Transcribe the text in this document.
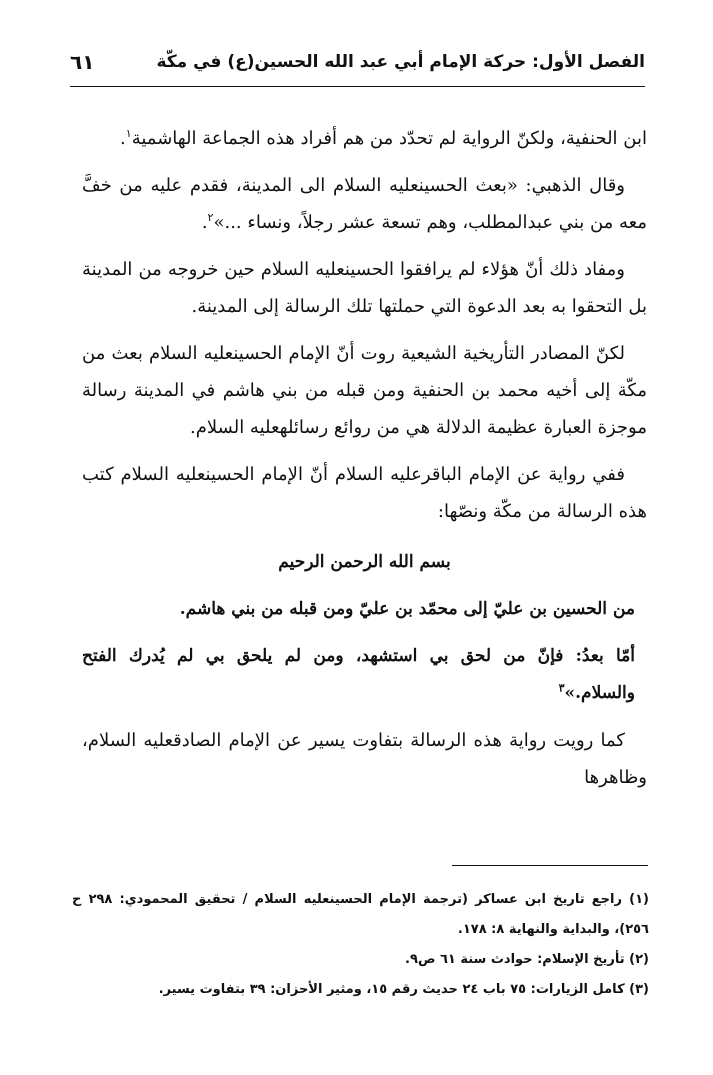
الفصل الأول: حركة الإمام أبي عبد الله الحسين(ع) في مكّة
٦١

ابن الحنفية، ولكنّ الرواية لم تحدّد من هم أفراد هذه الجماعة الهاشمية$^١$.

وقال الذهبي: «بعث الحسينعليه السلام الى المدينة، فقدم عليه من خفَّ معه من بني عبدالمطلب، وهم تسعة عشر رجلاً، ونساء ...»$^٢$.

ومفاد ذلك أنّ هؤلاء لم يرافقوا الحسينعليه السلام حين خروجه من المدينة بل التحقوا به بعد الدعوة التي حملتها تلك الرسالة إلى المدينة.

لكنّ المصادر التأريخية الشيعية روت أنّ الإمام الحسينعليه السلام بعث من مكّة إلى أخيه محمد بن الحنفية ومن قبله من بني هاشم في المدينة رسالة موجزة العبارة عظيمة الدلالة هي من روائع رسائلهعليه السلام.

ففي رواية عن الإمام الباقرعليه السلام أنّ الإمام الحسينعليه السلام كتب هذه الرسالة من مكّة ونصّها:

بسم الله الرحمن الرحيم

من الحسين بن عليّ إلى محمّد بن عليّ ومن قبله من بني هاشم.

أمّا بعدُ: فإنّ من لحق بي استشهد، ومن لم يلحق بي لم يُدرك الفتح والسلام.»$^٣$

كما رويت رواية هذه الرسالة بتفاوت يسير عن الإمام الصادقعليه السلام، وظاهرها

(١) راجع تاريخ ابن عساكر (ترجمة الإمام الحسينعليه السلام / تحقيق المحمودي: ٢٩٨ ح ٢٥٦)، والبداية والنهاية ٨: ١٧٨.

(٢) تأريخ الإسلام: حوادث سنة ٦١ ص٩.

(٣) كامل الزيارات: ٧٥ باب ٢٤ حديث رقم ١٥، ومثير الأحزان: ٣٩ بتفاوت يسير.
